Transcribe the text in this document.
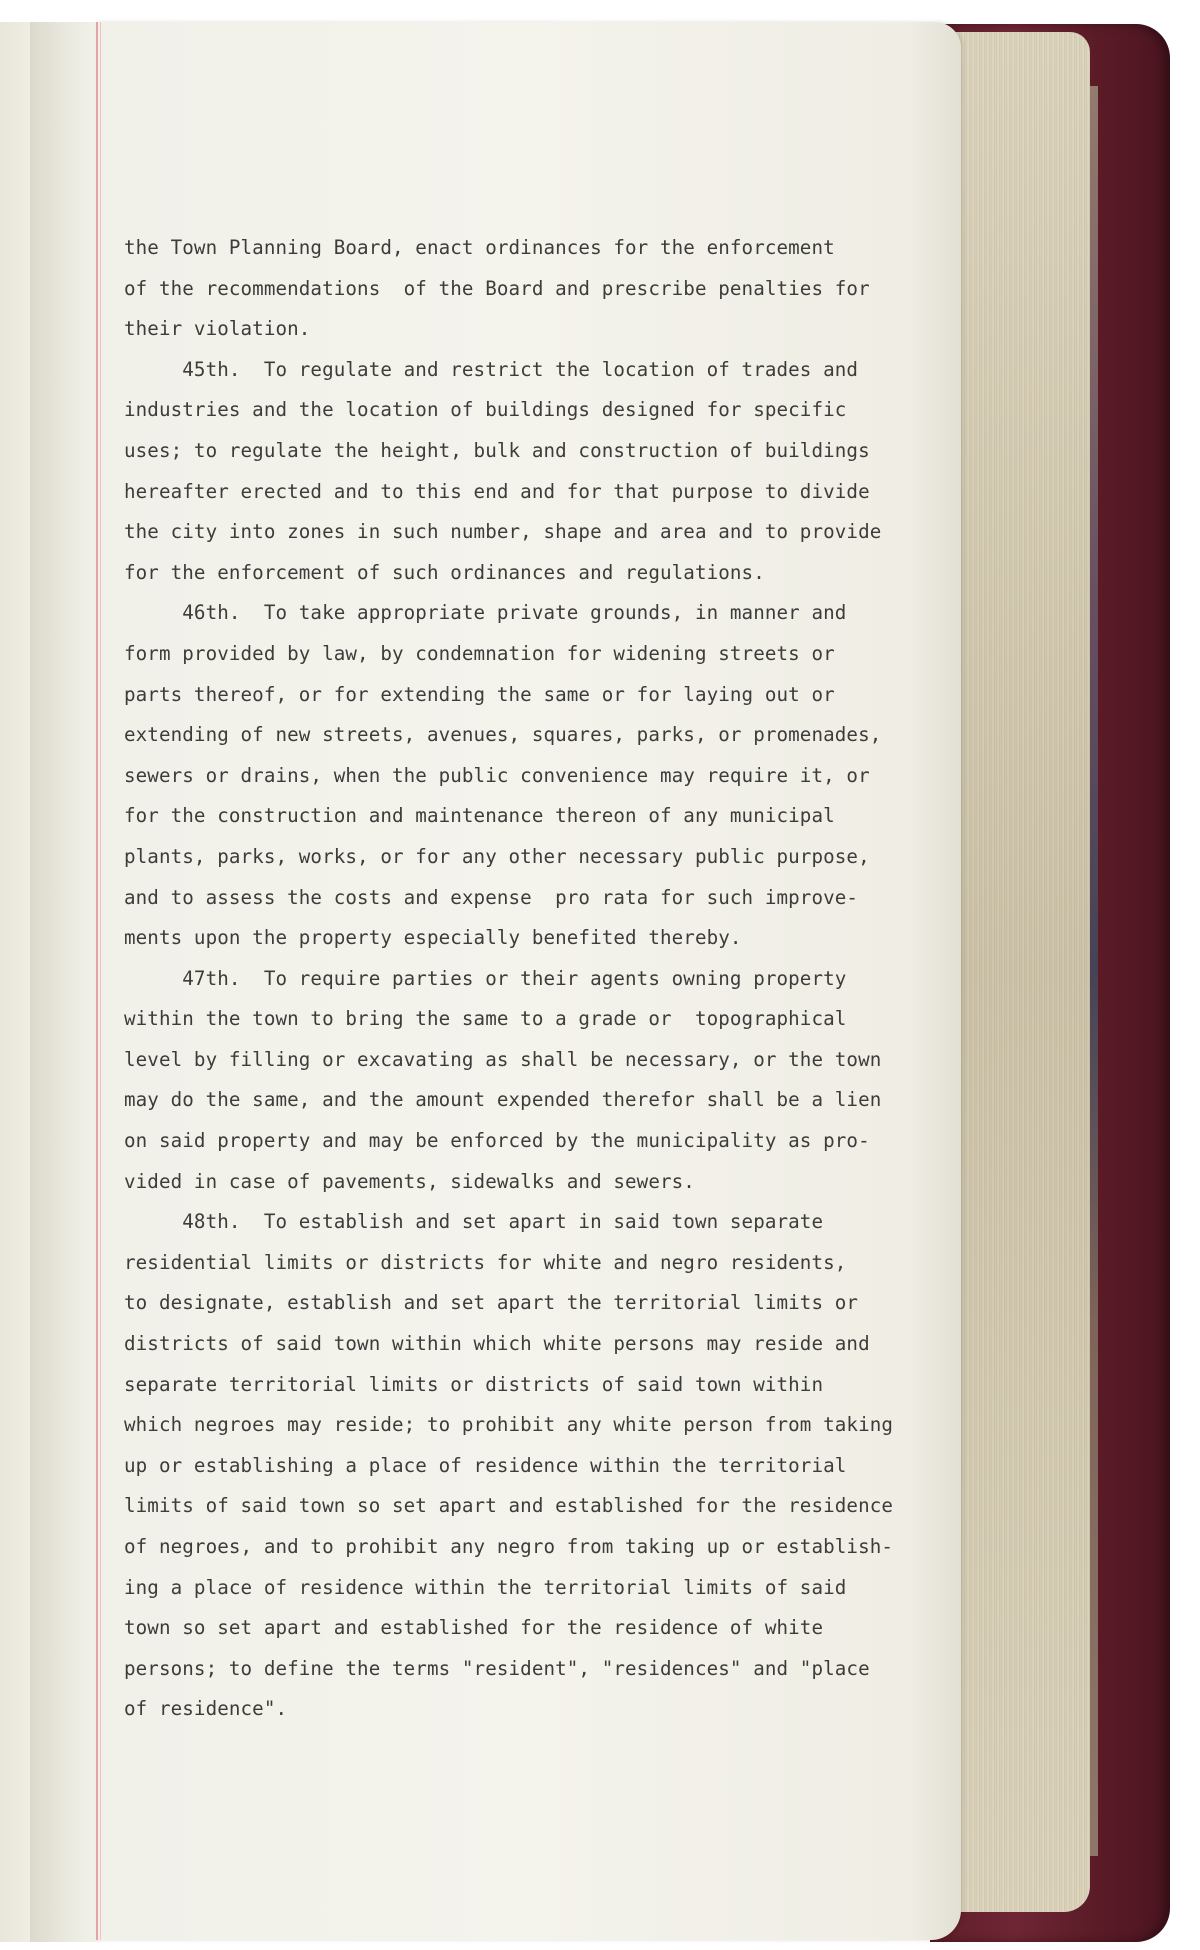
the Town Planning Board, enact ordinances for the enforcement
of the recommendations  of the Board and prescribe penalties for
their violation.
45th.  To regulate and restrict the location of trades and
industries and the location of buildings designed for specific
uses; to regulate the height, bulk and construction of buildings
hereafter erected and to this end and for that purpose to divide
the city into zones in such number, shape and area and to provide
for the enforcement of such ordinances and regulations.
46th.  To take appropriate private grounds, in manner and
form provided by law, by condemnation for widening streets or
parts thereof, or for extending the same or for laying out or
extending of new streets, avenues, squares, parks, or promenades,
sewers or drains, when the public convenience may require it, or
for the construction and maintenance thereon of any municipal
plants, parks, works, or for any other necessary public purpose,
and to assess the costs and expense  pro rata for such improve-
ments upon the property especially benefited thereby.
47th.  To require parties or their agents owning property
within the town to bring the same to a grade or  topographical
level by filling or excavating as shall be necessary, or the town
may do the same, and the amount expended therefor shall be a lien
on said property and may be enforced by the municipality as pro-
vided in case of pavements, sidewalks and sewers.
48th.  To establish and set apart in said town separate
residential limits or districts for white and negro residents,
to designate, establish and set apart the territorial limits or
districts of said town within which white persons may reside and
separate territorial limits or districts of said town within
which negroes may reside; to prohibit any white person from taking
up or establishing a place of residence within the territorial
limits of said town so set apart and established for the residence
of negroes, and to prohibit any negro from taking up or establish-
ing a place of residence within the territorial limits of said
town so set apart and established for the residence of white
persons; to define the terms "resident", "residences" and "place
of residence".
